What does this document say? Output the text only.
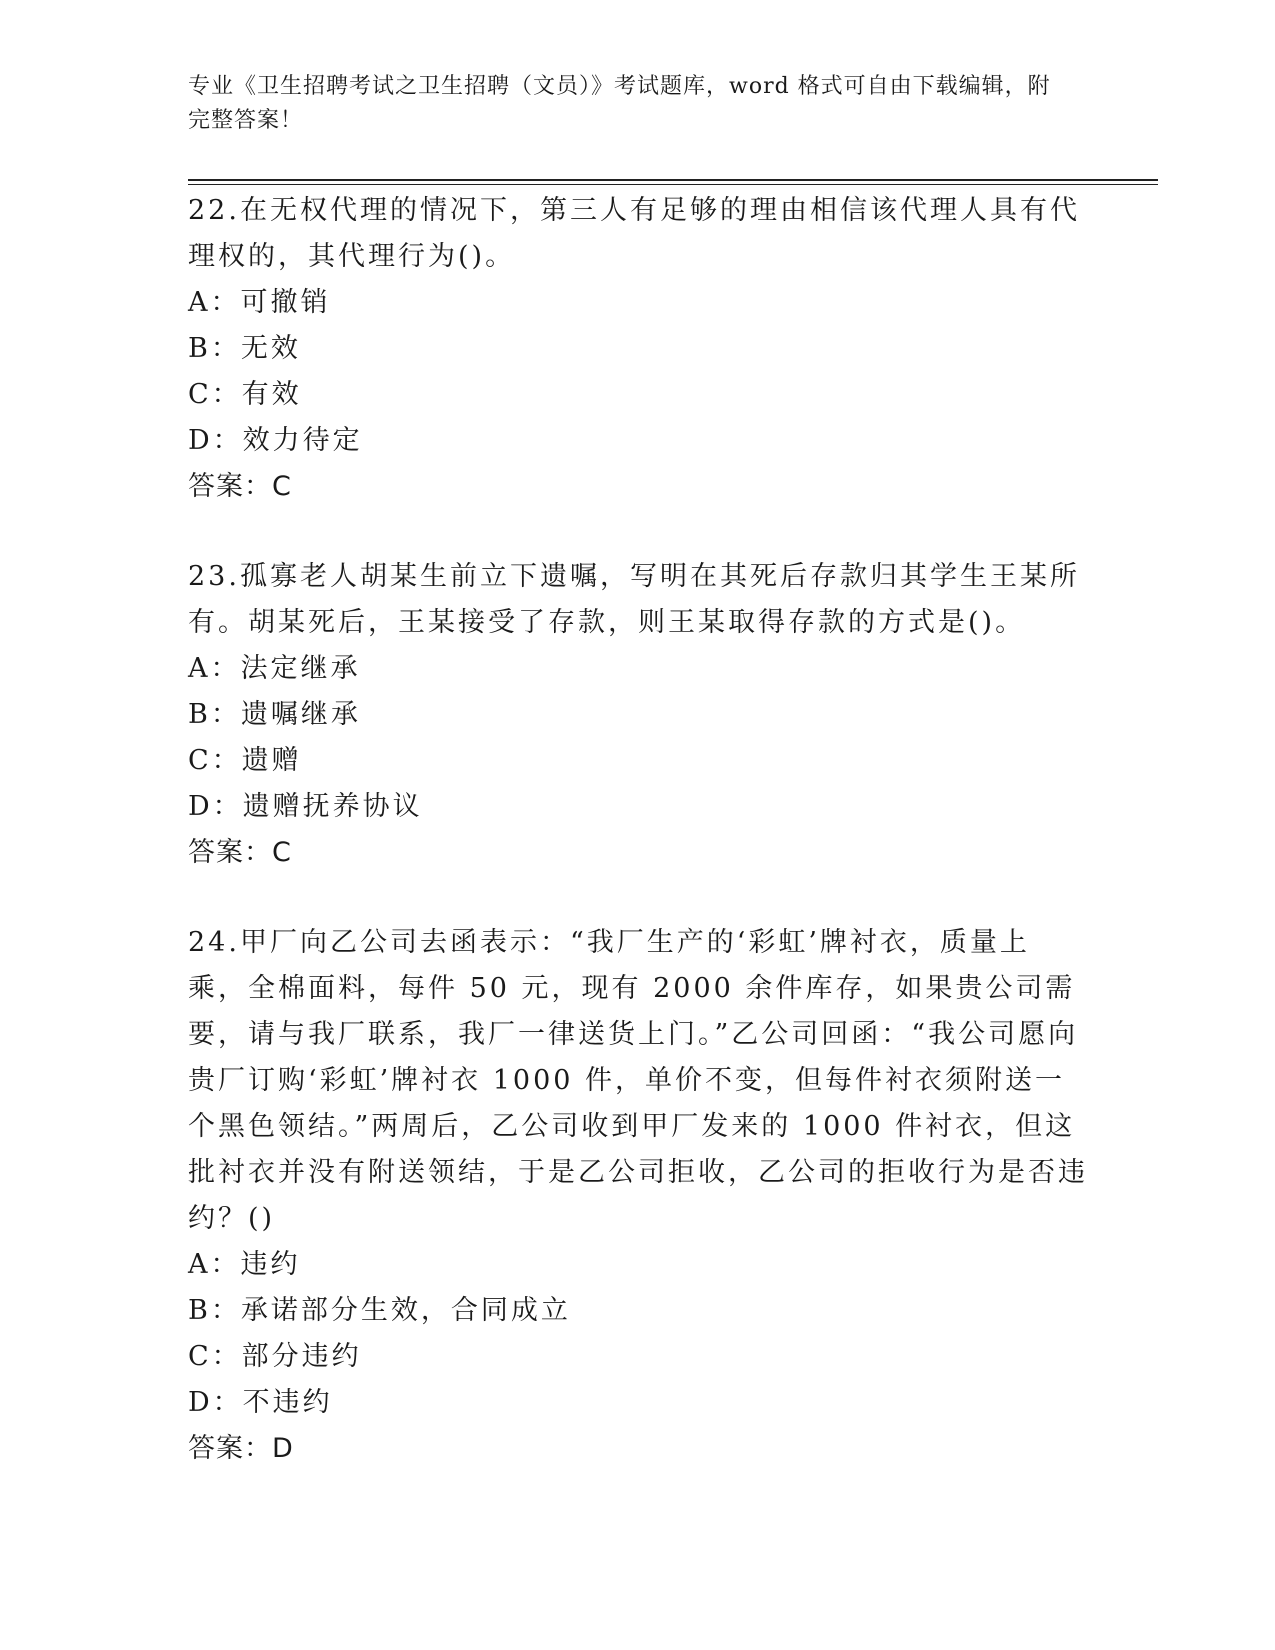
专业《卫生招聘考试之卫生招聘（文员）》考试题库，word 格式可自由下载编辑，附完整答案！
22.在无权代理的情况下，第三人有足够的理由相信该代理人具有代理权的，其代理行为()。
A：可撤销
B：无效
C：有效
D：效力待定
答案：C
23.孤寡老人胡某生前立下遗嘱，写明在其死后存款归其学生王某所有。胡某死后，王某接受了存款，则王某取得存款的方式是()。
A：法定继承
B：遗嘱继承
C：遗赠
D：遗赠抚养协议
答案：C
24.甲厂向乙公司去函表示：“我厂生产的‘彩虹’牌衬衣，质量上乘，全棉面料，每件 50 元，现有 2000 余件库存，如果贵公司需要，请与我厂联系，我厂一律送货上门。”乙公司回函：“我公司愿向贵厂订购‘彩虹’牌衬衣 1000 件，单价不变，但每件衬衣须附送一个黑色领结。”两周后，乙公司收到甲厂发来的 1000 件衬衣，但这批衬衣并没有附送领结，于是乙公司拒收，乙公司的拒收行为是否违约？()
A：违约
B：承诺部分生效，合同成立
C：部分违约
D：不违约
答案：D
